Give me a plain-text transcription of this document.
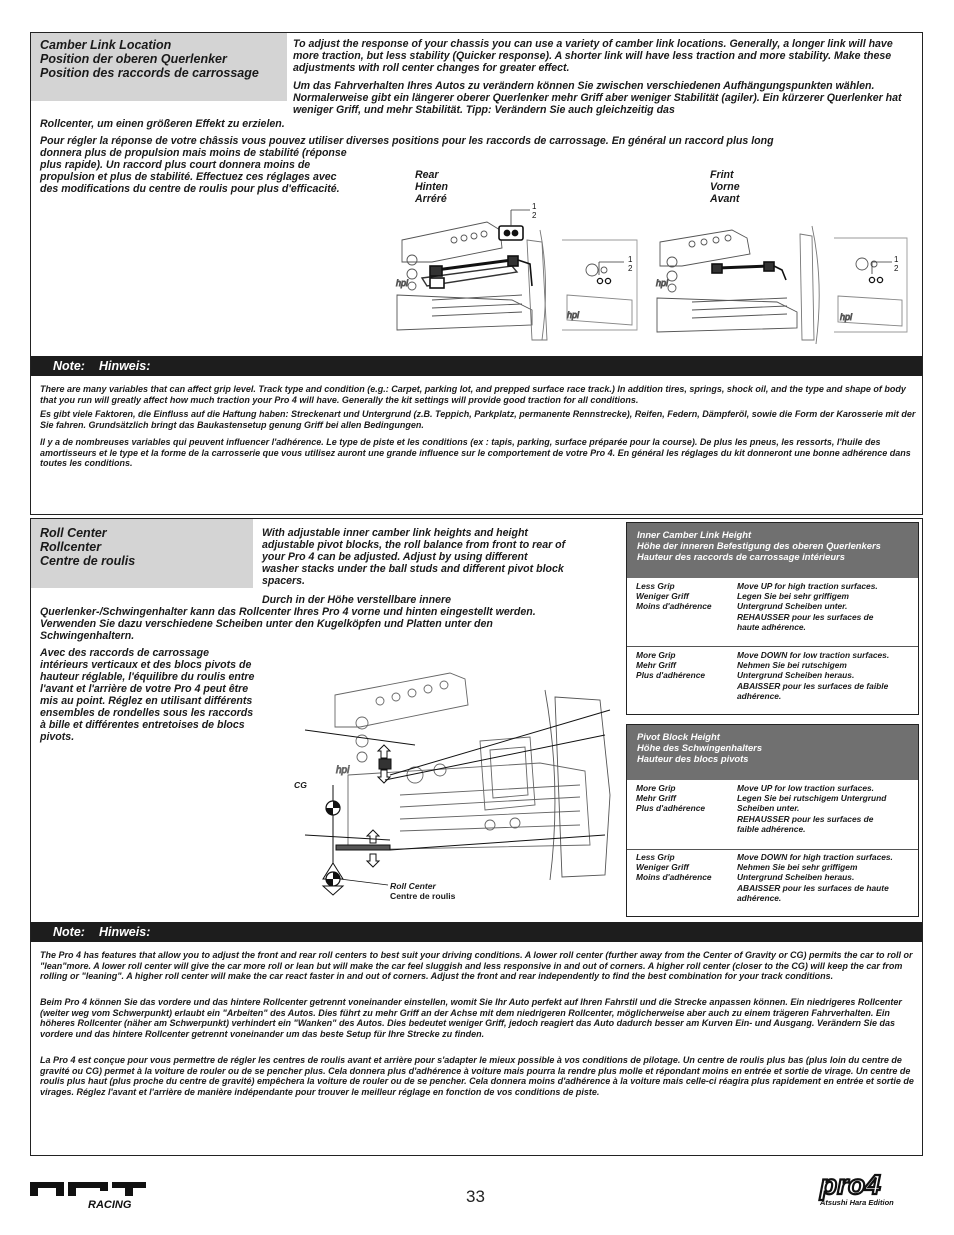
Camber Link Location
Position der oberen Querlenker
Position des raccords de carrossage
To adjust the response of your chassis you can use a variety of camber link locations. Generally, a longer link will have more traction, but less stability (Quicker response). A shorter link will have less traction and more stability. Make these adjustments with roll center changes for greater effect.
Um das Fahrverhalten Ihres Autos zu verändern können Sie zwischen verschiedenen Aufhängungspunkten wählen. Normalerweise gibt ein längerer oberer Querlenker mehr Griff aber weniger Stabilität (agiler). Ein kürzerer Querlenker hat weniger Griff, und mehr Stabilität. Tipp: Verändern Sie auch gleichzeitig das
Rollcenter, um einen größeren Effekt zu erzielen.
Pour régler la réponse de votre châssis vous pouvez utiliser diverses positions pour les raccords de carrossage. En général un raccord plus long
donnera plus de propulsion mais moins de stabilité (réponse
plus rapide). Un raccord plus court donnera moins de
propulsion et plus de stabilité. Effectuez ces réglages avec
des modifications du centre de roulis pour plus d'efficacité.
Rear
Hinten
Arréré
Frint
Vorne
Avant
hpi
hpi
1
2
1
2
hpi
hpi
1
2
Note: Hinweis:
There are many variables that can affect grip level. Track type and condition (e.g.: Carpet, parking lot, and prepped surface race track.) In addition tires, springs, shock oil, and the type and shape of body that you run will greatly affect how much traction your Pro 4 will have. Generally the kit settings will provide good traction for all conditions.
Es gibt viele Faktoren, die Einfluss auf die Haftung haben: Streckenart und Untergrund (z.B. Teppich, Parkplatz, permanente Rennstrecke), Reifen, Federn, Dämpferöl, sowie die Form der Karosserie mit der Sie fahren. Grundsätzlich bringt das Baukastensetup genung Griff bei allen Bedingungen.
Il y a de nombreuses variables qui peuvent influencer l'adhérence. Le type de piste et les conditions (ex : tapis, parking, surface préparée pour la course). De plus les pneus, les ressorts, l'huile des amortisseurs et le type et la forme de la carrosserie que vous utilisez auront une grande influence sur le comportement de votre Pro 4. En général les réglages du kit donneront une bonne adhérence dans toutes les conditions.
Roll Center
Rollcenter
Centre de roulis
With adjustable inner camber link heights and height
adjustable pivot blocks, the roll balance from front to rear of
your Pro 4 can be adjusted. Adjust by using different
washer stacks under the ball studs and different pivot block
spacers.
Durch in der Höhe verstellbare innere
Querlenker-/Schwingenhalter kann das Rollcenter Ihres Pro 4 vorne und hinten eingestellt werden.
Verwenden Sie dazu verschiedene Scheiben unter den Kugelköpfen und Platten unter den
Schwingenhaltern.
Avec des raccords de carrossage
intérieurs verticaux et des blocs pivots de
hauteur réglable, l'équilibre du roulis entre
l'avant et l'arrière de votre Pro 4 peut être
mis au point. Réglez en utilisant différents
ensembles de rondelles sous les raccords
à bille et différentes entretoises de blocs
pivots.
hpi
CG
Roll Center
Centre de roulis
Inner Camber Link Height
Höhe der inneren Befestigung des oberen Querlenkers
Hauteur des raccords de carrossage intérieurs
Less Grip
Weniger Griff
Moins d'adhérence
Move UP for high traction surfaces.
Legen Sie bei sehr griffigem
Untergrund Scheiben unter.
REHAUSSER pour les surfaces de
haute adhérence.
More Grip
Mehr Griff
Plus d'adhérence
Move DOWN for low traction surfaces.
Nehmen Sie bei rutschigem
Untergrund Scheiben heraus.
ABAISSER pour les surfaces de faible
adhérence.
Pivot Block Height
Höhe des Schwingenhalters
Hauteur des blocs pivots
More Grip
Mehr Griff
Plus d'adhérence
Move UP for low traction surfaces.
Legen Sie bei rutschigem Untergrund
Scheiben unter.
REHAUSSER pour les surfaces de
faible adhérence.
Less Grip
Weniger Griff
Moins d'adhérence
Move DOWN for high traction surfaces.
Nehmen Sie bei sehr griffigem
Untergrund Scheiben heraus.
ABAISSER pour les surfaces de haute
adhérence.
Note: Hinweis:
The Pro 4 has features that allow you to adjust the front and rear roll centers to best suit your driving conditions. A lower roll center (further away from the Center of Gravity or CG) permits the car to roll or "lean"more. A lower roll center will give the car more roll or lean but will make the car feel sluggish and less responsive in and out of corners. A higher roll center (closer to the CG) will keep the car from rolling or "leaning". A higher roll center will make the car react faster in and out of corners. Adjust the front and rear independently to find the best combination for your track conditions.
Beim Pro 4 können Sie das vordere und das hintere Rollcenter getrennt voneinander einstellen, womit Sie Ihr Auto perfekt auf Ihren Fahrstil und die Strecke anpassen können. Ein niedrigeres Rollcenter (weiter weg vom Schwerpunkt) erlaubt ein "Arbeiten" des Autos. Dies führt zu mehr Griff an der Achse mit dem niedrigeren Rollcenter, möglicherweise aber auch zu einem trägeren Fahrverhalten. Ein höheres Rollcenter (näher am Schwerpunkt) verhindert ein "Wanken" des Autos. Dies bedeutet weniger Griff, jedoch reagiert das Auto dadurch besser am Kurven Ein- und Ausgang. Verändern Sie das vordere und das hintere Rollcenter getrennt voneinander um das beste Setup für Ihre Strecke zu finden.
La Pro 4 est conçue pour vous permettre de régler les centres de roulis avant et arrière pour s'adapter le mieux possible à vos conditions de pilotage. Un centre de roulis plus bas (plus loin du centre de gravité ou CG) permet à la voiture de rouler ou de se pencher plus. Cela donnera plus d'adhérence à voiture mais pourra la rendre plus molle et répondant moins en entrée et sortie de virage. Un centre de roulis plus haut (plus proche du centre de gravité) empêchera la voiture de rouler ou de se pencher. Cela donnera moins d'adhérence à la voiture mais celle-ci réagira plus rapidement en entrée et sortie de virages. Réglez l'avant et l'arrière de manière indépendante pour trouver le meilleur réglage en fonction de vos conditions de piste.
RACING	33	pro4
Atsushi Hara Edition
